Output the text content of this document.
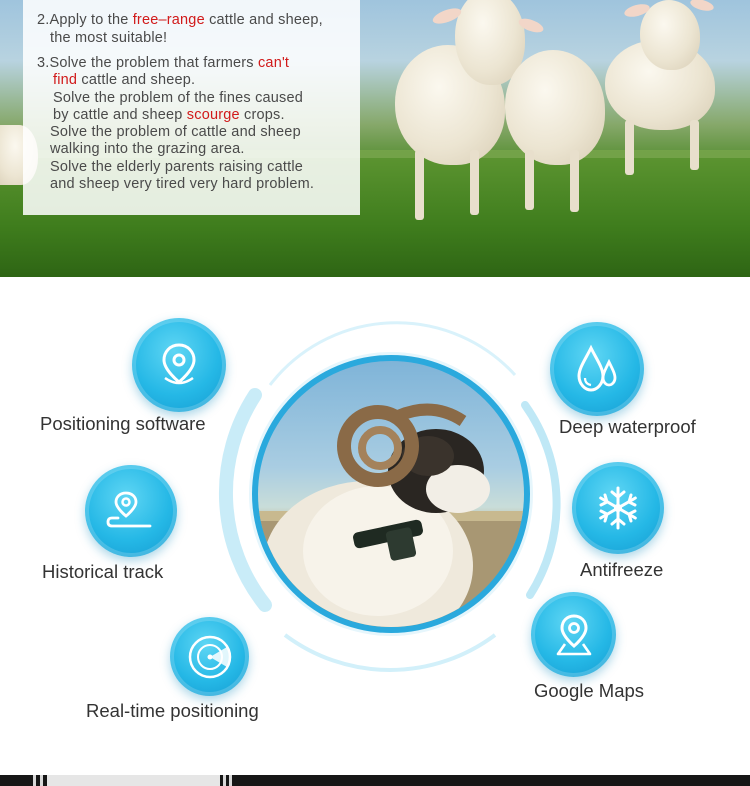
2.Apply to the free–range cattle and sheep,

the most suitable!

3.Solve the problem that farmers can't

find cattle and sheep.

Solve the problem of the fines caused

by cattle and sheep scourge crops.

Solve the problem of cattle and sheep

walking into the grazing area.

Solve the elderly parents raising cattle

and sheep very tired very hard problem.

Positioning software
Historical track
Real-time positioning
Deep waterproof
Antifreeze
Google Maps
